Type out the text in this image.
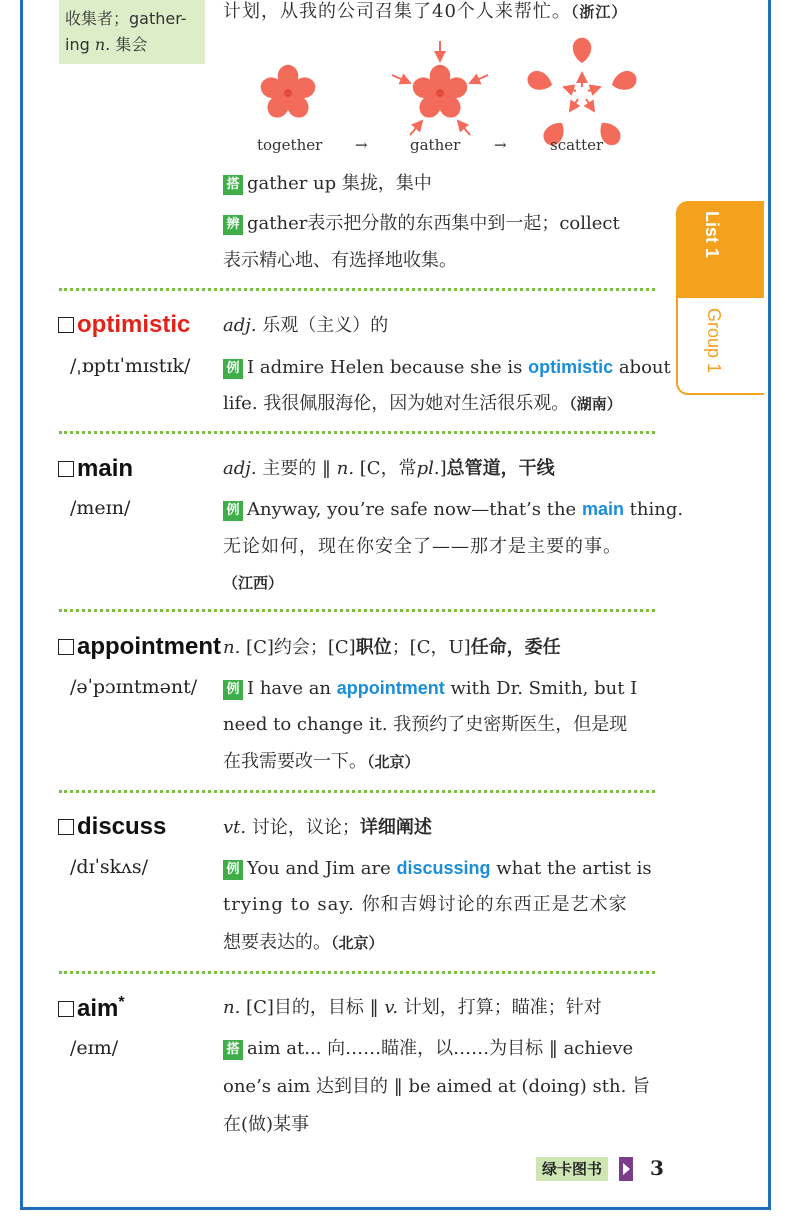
收集者；gather-
ing n. 集会
计划，从我的公司召集了40个人来帮忙。（浙江）
together →	gather →	scatter
搭 gather up 集拢，集中
辨 gather表示把分散的东西集中到一起；collect
表示精心地、有选择地收集。
List 1
Group 1
optimistic adj. 乐观（主义）的
/ˌɒptɪˈmɪstɪk/	例 I admire Helen because she is optimistic about
life. 我很佩服海伦，因为她对生活很乐观。（湖南）
main	adj. 主要的 ‖ n. [C，常pl.]总管道，干线
/meɪn/	例 Anyway, you’re safe now—that’s the main thing.
无论如何，现在你安全了——那才是主要的事。
（江西）
appointment n. [C]约会；[C]职位；[C，U]任命，委任
/əˈpɔɪntmənt/ 例 I have an appointment with Dr. Smith, but I
need to change it. 我预约了史密斯医生，但是现
在我需要改一下。（北京）
discuss	vt. 讨论，议论；详细阐述
/dɪˈskʌs/	例 You and Jim are discussing what the artist is
trying to say. 你和吉姆讨论的东西正是艺术家
想要表达的。（北京）
aim*	n. [C]目的，目标 ‖ v. 计划，打算；瞄准；针对
/eɪm/	搭 aim at... 向……瞄准，以……为目标 ‖ achieve
one’s aim 达到目的 ‖ be aimed at (doing) sth. 旨
在(做)某事
绿卡图书	3
